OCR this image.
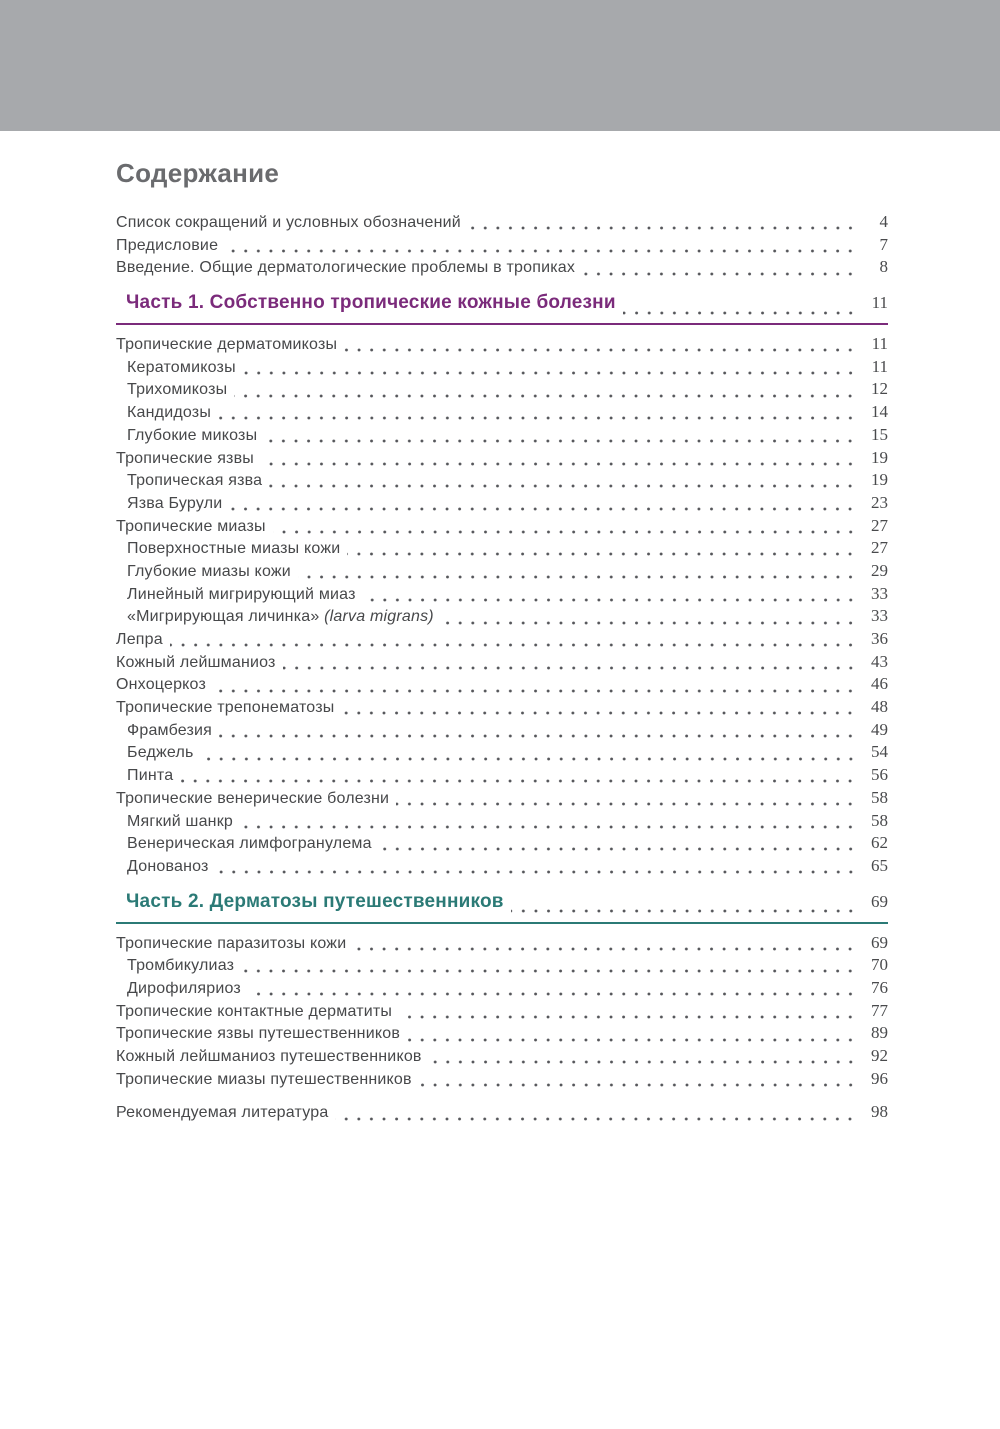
Содержание
Список сокращений и условных обозначений	4
Предисловие	7
Введение. Общие дерматологические проблемы в тропиках	8
Часть 1. Собственно тропические кожные болезни	11
Тропические дерматомикозы	11
Кератомикозы	11
Трихомикозы	12
Кандидозы	14
Глубокие микозы	15
Тропические язвы	19
Тропическая язва	19
Язва Бурули	23
Тропические миазы	27
Поверхностные миазы кожи	27
Глубокие миазы кожи	29
Линейный мигрирующий миаз	33
«Мигрирующая личинка» (larva migrans)	33
Лепра	36
Кожный лейшманиоз	43
Онхоцеркоз	46
Тропические трепонематозы	48
Фрамбезия	49
Беджель	54
Пинта	56
Тропические венерические болезни	58
Мягкий шанкр	58
Венерическая лимфогранулема	62
Донованоз	65
Часть 2. Дерматозы путешественников	69
Тропические паразитозы кожи	69
Тромбикулиаз	70
Дирофиляриоз	76
Тропические контактные дерматиты	77
Тропические язвы путешественников	89
Кожный лейшманиоз путешественников	92
Тропические миазы путешественников	96
Рекомендуемая литература	98
